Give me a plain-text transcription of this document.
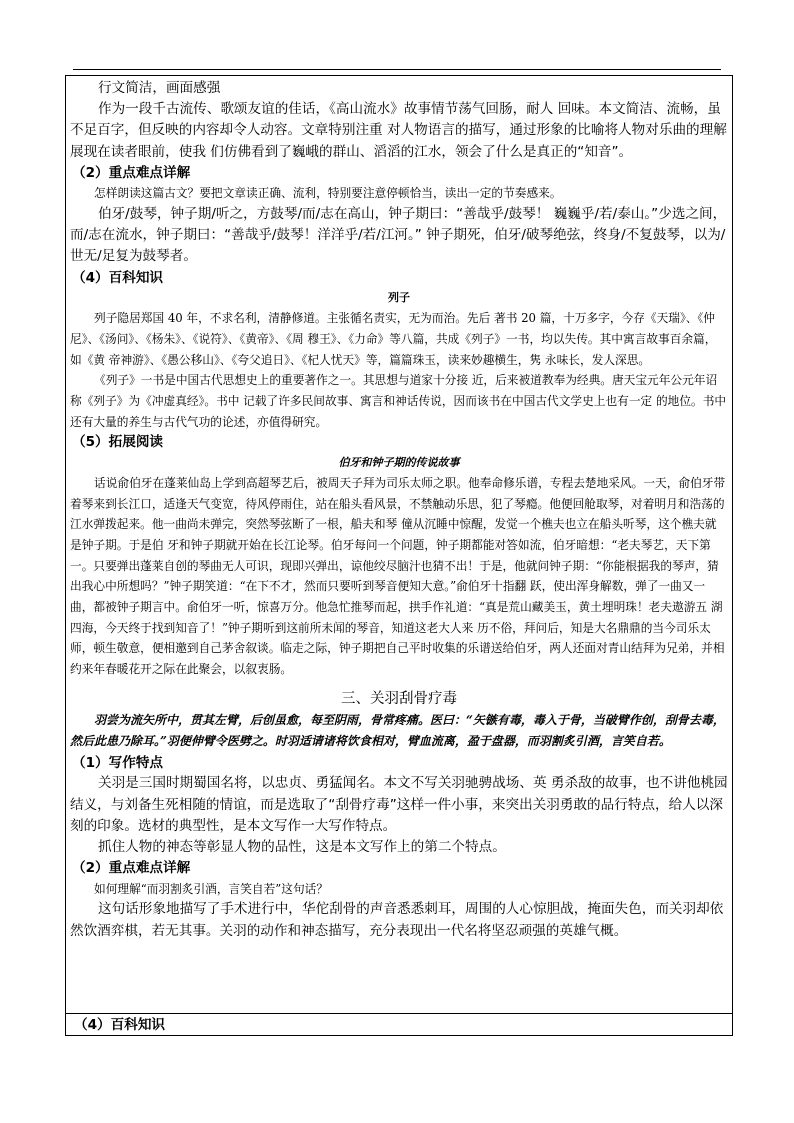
行文简洁，画面感强

作为一段千古流传、歌颂友谊的佳话，《高山流水》故事情节荡气回肠，耐人 回味。本文简洁、流畅，虽不足百字，但反映的内容却令人动容。文章特别注重 对人物语言的描写，通过形象的比喻将人物对乐曲的理解展现在读者眼前，使我 们仿佛看到了巍峨的群山、滔滔的江水，领会了什么是真正的“知音”。

（2）重点难点详解

怎样朗读这篇古文？要把文章读正确、流利，特别要注意停顿恰当，读出一定的节奏感来。

伯牙/鼓琴，钟子期/听之，方鼓琴/而/志在高山，钟子期曰：“善哉乎/鼓琴！ 巍巍乎/若/泰山。”少选之间，而/志在流水，钟子期曰：“善哉乎/鼓琴！洋洋乎/若/江河。” 钟子期死，伯牙/破琴绝弦，终身/不复鼓琴，以为/世无/足复为鼓琴者。

（4）百科知识

列子

列子隐居郑国 40 年，不求名利，清静修道。主张循名责实，无为而治。先后 著书 20 篇，十万多字，今存《天瑞》、《仲尼》、《汤问》、《杨朱》、《说符》、《黄帝》、《周 穆王》、《力命》等八篇，共成《列子》一书，均以失传。其中寓言故事百余篇，如《黄 帝神游》、《愚公移山》、《夸父追日》、《杞人忧天》等，篇篇珠玉，读来妙趣横生，隽 永味长，发人深思。

《列子》一书是中国古代思想史上的重要著作之一。其思想与道家十分接 近，后来被道教奉为经典。唐天宝元年公元年诏称《列子》为《冲虚真经》。书中 记载了许多民间故事、寓言和神话传说，因而该书在中国古代文学史上也有一定 的地位。书中还有大量的养生与古代气功的论述，亦值得研究。

（5）拓展阅读

伯牙和钟子期的传说故事

话说俞伯牙在蓬莱仙岛上学到高超琴艺后，被周天子拜为司乐太师之职。他奉命修乐谱，专程去楚地采风。一天，俞伯牙带着琴来到长江口，适逢天气变宽，待风停雨住，站在船头看风景，不禁触动乐思，犯了琴瘾。他便回舱取琴，对着明月和浩荡的江水弹拨起来。他一曲尚未弹完，突然琴弦断了一根，船夫和琴 僮从沉睡中惊醒，发觉一个樵夫也立在船头听琴，这个樵夫就是钟子期。于是伯 牙和钟子期就开始在长江论琴。伯牙每问一个问题，钟子期都能对答如流，伯牙暗想：“老夫琴艺，天下第一。只要弹出蓬莱自创的琴曲无人可识，现即兴弹出，谅他绞尽脑汁也猜不出！于是，他就问钟子期：“你能根据我的琴声，猜出我心中所想吗？”钟子期笑道：“在下不才，然而只要听到琴音便知大意。”俞伯牙十指翻 跃，使出浑身解数，弹了一曲又一曲，都被钟子期言中。俞伯牙一听，惊喜万分。他急忙推琴而起，拱手作礼道：“真是荒山藏美玉，黄土埋明珠！老夫遨游五 湖四海，今天终于找到知音了！”钟子期听到这前所未闻的琴音，知道这老大人来 历不俗，拜问后，知是大名鼎鼎的当今司乐太师，顿生敬意，便相邀到自己茅舍叙谈。临走之际，钟子期把自己平时收集的乐谱送给伯牙，两人还面对青山结拜为兄弟，并相约来年春暖花开之际在此聚会，以叙衷肠。

三、关羽刮骨疗毒

羽尝为流矢所中，贯其左臂，后创虽愈，每至阴雨，骨常疼痛。医曰：“矢镞有毒，毒入于骨，当破臂作创，刮骨去毒，然后此患乃除耳。”羽便伸臂令医劈之。时羽适请诸将饮食相对，臂血流离，盈于盘器，而羽割炙引酒，言笑自若。

（1）写作特点

关羽是三国时期蜀国名将，以忠贞、勇猛闻名。本文不写关羽驰骋战场、英 勇杀敌的故事，也不讲他桃园结义，与刘备生死相随的情谊，而是选取了“刮骨疗毒”这样一件小事，来突出关羽勇敢的品行特点，给人以深刻的印象。选材的典型性，是本文写作一大写作特点。

抓住人物的神态等彰显人物的品性，这是本文写作上的第二个特点。

（2）重点难点详解

如何理解“而羽割炙引酒，言笑自若”这句话？

这句话形象地描写了手术进行中，华佗刮骨的声音悉悉刺耳，周围的人心惊胆战，掩面失色，而关羽却依然饮酒弈棋，若无其事。关羽的动作和神态描写，充分表现出一代名将坚忍顽强的英雄气概。

（4）百科知识
